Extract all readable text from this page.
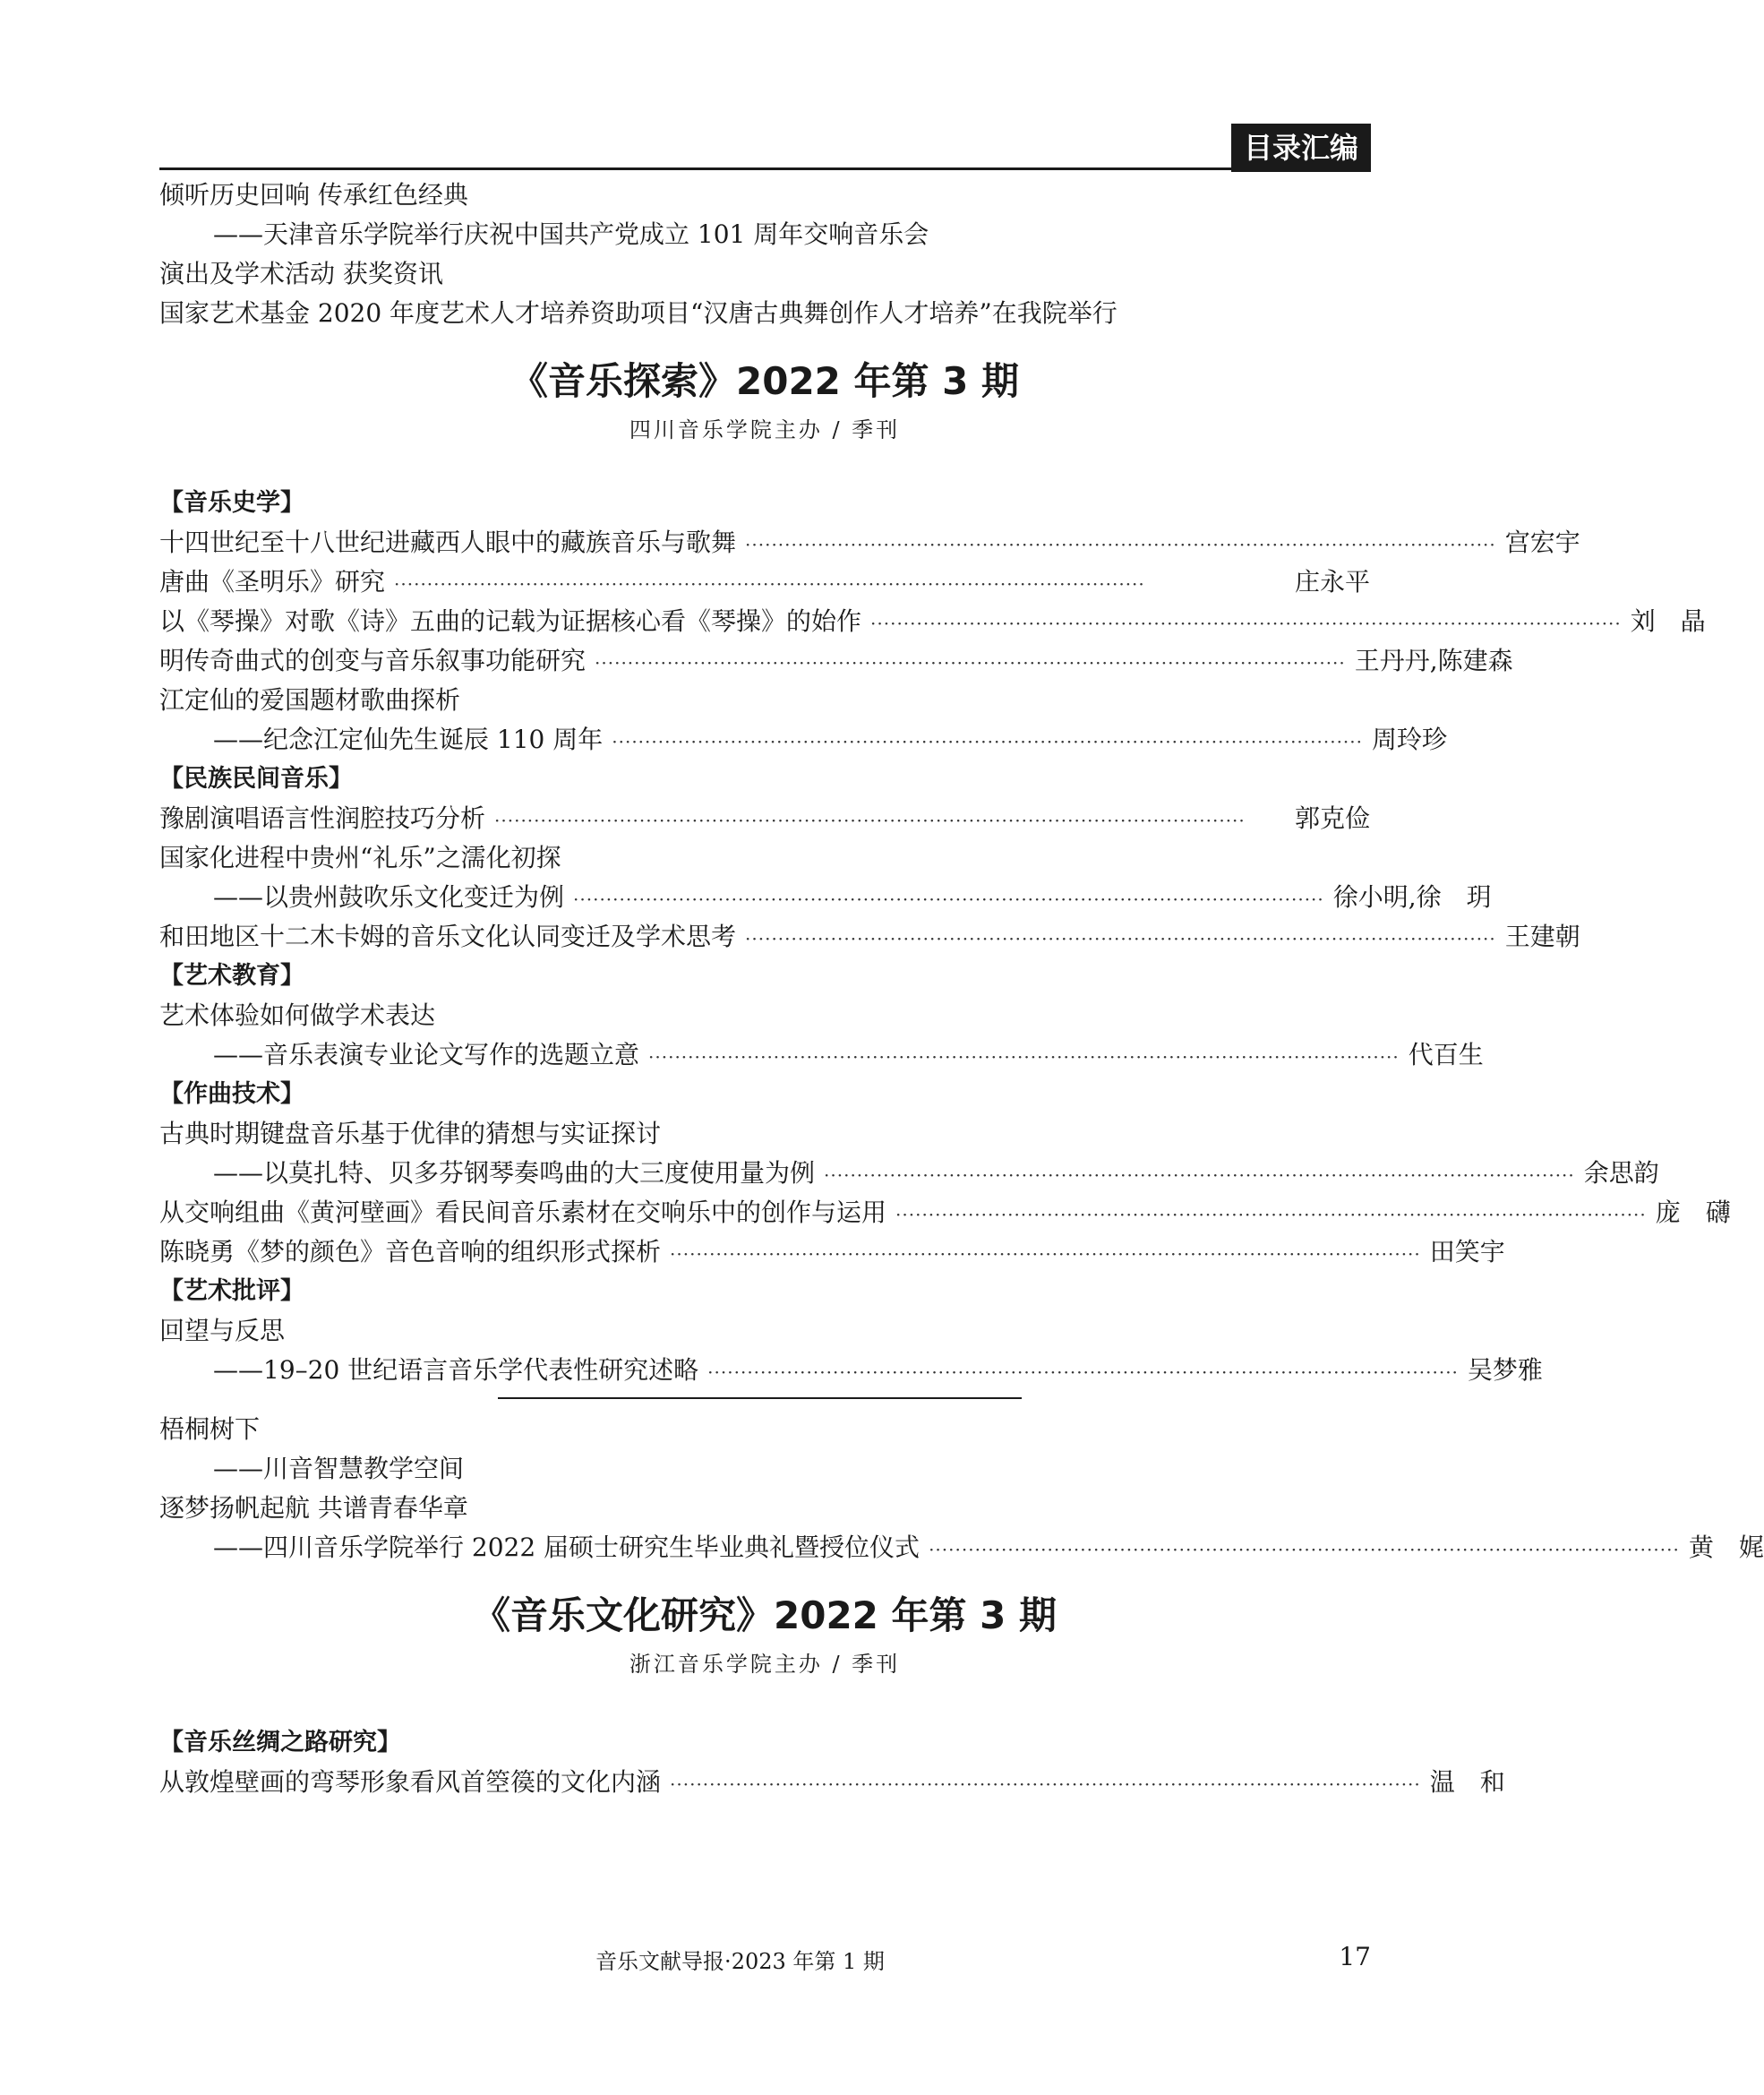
目录汇编
倾听历史回响 传承红色经典
——天津音乐学院举行庆祝中国共产党成立 101 周年交响音乐会
演出及学术活动 获奖资讯
国家艺术基金 2020 年度艺术人才培养资助项目“汉唐古典舞创作人才培养”在我院举行
《音乐探索》2022 年第 3 期
四川音乐学院主办 / 季刊
【音乐史学】
十四世纪至十八世纪进藏西人眼中的藏族音乐与歌舞 ·················································································································· 宫宏宇
唐曲《圣明乐》研究 ··················································································································	庄永平
以《琴操》对歌《诗》五曲的记载为证据核心看《琴操》的始作 ·················································································································· 刘　晶
明传奇曲式的创变与音乐叙事功能研究 ·················································································································· 王丹丹,陈建森
江定仙的爱国题材歌曲探析
——纪念江定仙先生诞辰 110 周年 ·················································································································· 周玲珍
【民族民间音乐】
豫剧演唱语言性润腔技巧分析 ··················································································································	郭克俭
国家化进程中贵州“礼乐”之濡化初探
——以贵州鼓吹乐文化变迁为例 ·················································································································· 徐小明,徐　玥
和田地区十二木卡姆的音乐文化认同变迁及学术思考 ·················································································································· 王建朝
【艺术教育】
艺术体验如何做学术表达
——音乐表演专业论文写作的选题立意 ·················································································································· 代百生
【作曲技术】
古典时期键盘音乐基于优律的猜想与实证探讨
——以莫扎特、贝多芬钢琴奏鸣曲的大三度使用量为例 ·················································································································· 余思韵
从交响组曲《黄河壁画》看民间音乐素材在交响乐中的创作与运用 ·················································································································· 庞　礴
陈晓勇《梦的颜色》音色音响的组织形式探析 ·················································································································· 田笑宇
【艺术批评】
回望与反思
——19–20 世纪语言音乐学代表性研究述略 ·················································································································· 吴梦雅
梧桐树下
——川音智慧教学空间
逐梦扬帆起航 共谱青春华章
——四川音乐学院举行 2022 届硕士研究生毕业典礼暨授位仪式 ·················································································································· 黄　娓
《音乐文化研究》2022 年第 3 期
浙江音乐学院主办 / 季刊
【音乐丝绸之路研究】
从敦煌壁画的弯琴形象看风首箜篌的文化内涵 ·················································································································· 温　和
音乐文献导报·2023 年第 1 期	17
